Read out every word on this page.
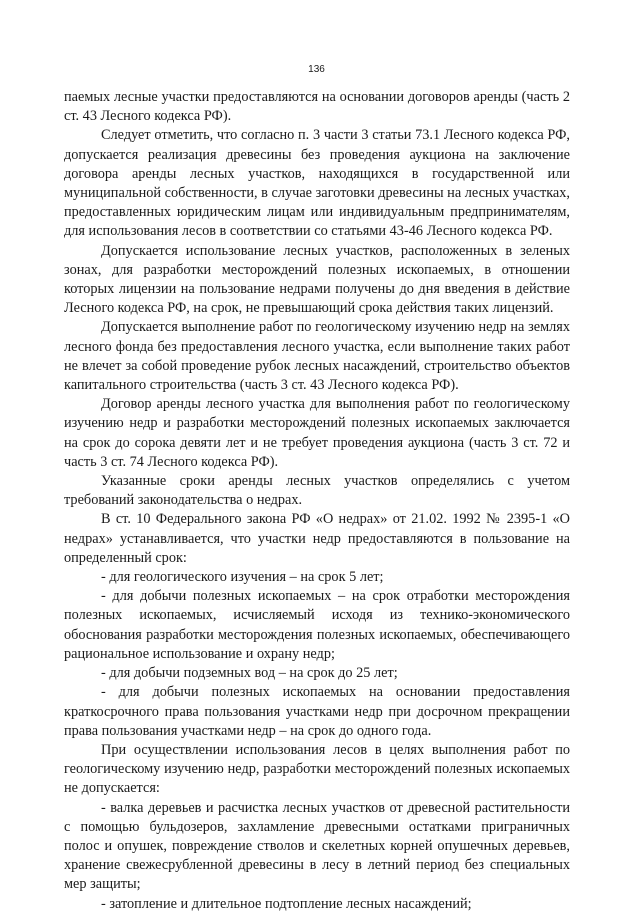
136

паемых лесные участки предоставляются на основании договоров аренды (часть 2 ст. 43 Лесного кодекса РФ).

Следует отметить, что согласно п. 3 части 3 статьи 73.1 Лесного кодекса РФ, допускается реализация древесины без проведения аукциона на заключение договора аренды лесных участков, находящихся в государственной или муниципальной собственности, в случае заготовки древесины на лесных участках, предоставленных юридическим лицам или индивидуальным предпринимателям, для использования лесов в соответствии со статьями 43-46 Лесного кодекса РФ.

Допускается использование лесных участков, расположенных в зеленых зонах, для разработки месторождений полезных ископаемых, в отношении которых лицензии на пользование недрами получены до дня введения в действие Лесного кодекса РФ, на срок, не превышающий срока действия таких лицензий.

Допускается выполнение работ по геологическому изучению недр на землях лесного фонда без предоставления лесного участка, если выполнение таких работ не влечет за собой проведение рубок лесных насаждений, строительство объектов капитального строительства (часть 3 ст. 43 Лесного кодекса РФ).

Договор аренды лесного участка для выполнения работ по геологическому изучению недр и разработки месторождений полезных ископаемых заключается на срок до сорока девяти лет и не требует проведения аукциона (часть 3 ст. 72 и часть 3 ст. 74 Лесного кодекса РФ).

Указанные сроки аренды лесных участков определялись с учетом требований законодательства о недрах.

В ст. 10 Федерального закона РФ «О недрах» от 21.02. 1992 № 2395-1 «О недрах» устанавливается, что участки недр предоставляются в пользование на определенный срок:

- для геологического изучения – на срок 5 лет;

- для добычи полезных ископаемых – на срок отработки месторождения полезных ископаемых, исчисляемый исходя из технико-экономического обоснования разработки месторождения полезных ископаемых, обеспечивающего рациональное использование и охрану недр;

- для добычи подземных вод – на срок до 25 лет;

- для добычи полезных ископаемых на основании предоставления краткосрочного права пользования участками недр при досрочном прекращении права пользования участками недр – на срок до одного года.

При осуществлении использования лесов в целях выполнения работ по геологическому изучению недр, разработки месторождений полезных ископаемых не допускается:

- валка деревьев и расчистка лесных участков от древесной растительности с помощью бульдозеров, захламление древесными остатками приграничных полос и опушек, повреждение стволов и скелетных корней опушечных деревьев, хранение свежесрубленной древесины в лесу в летний период без специальных мер защиты;

- затопление и длительное подтопление лесных насаждений;
